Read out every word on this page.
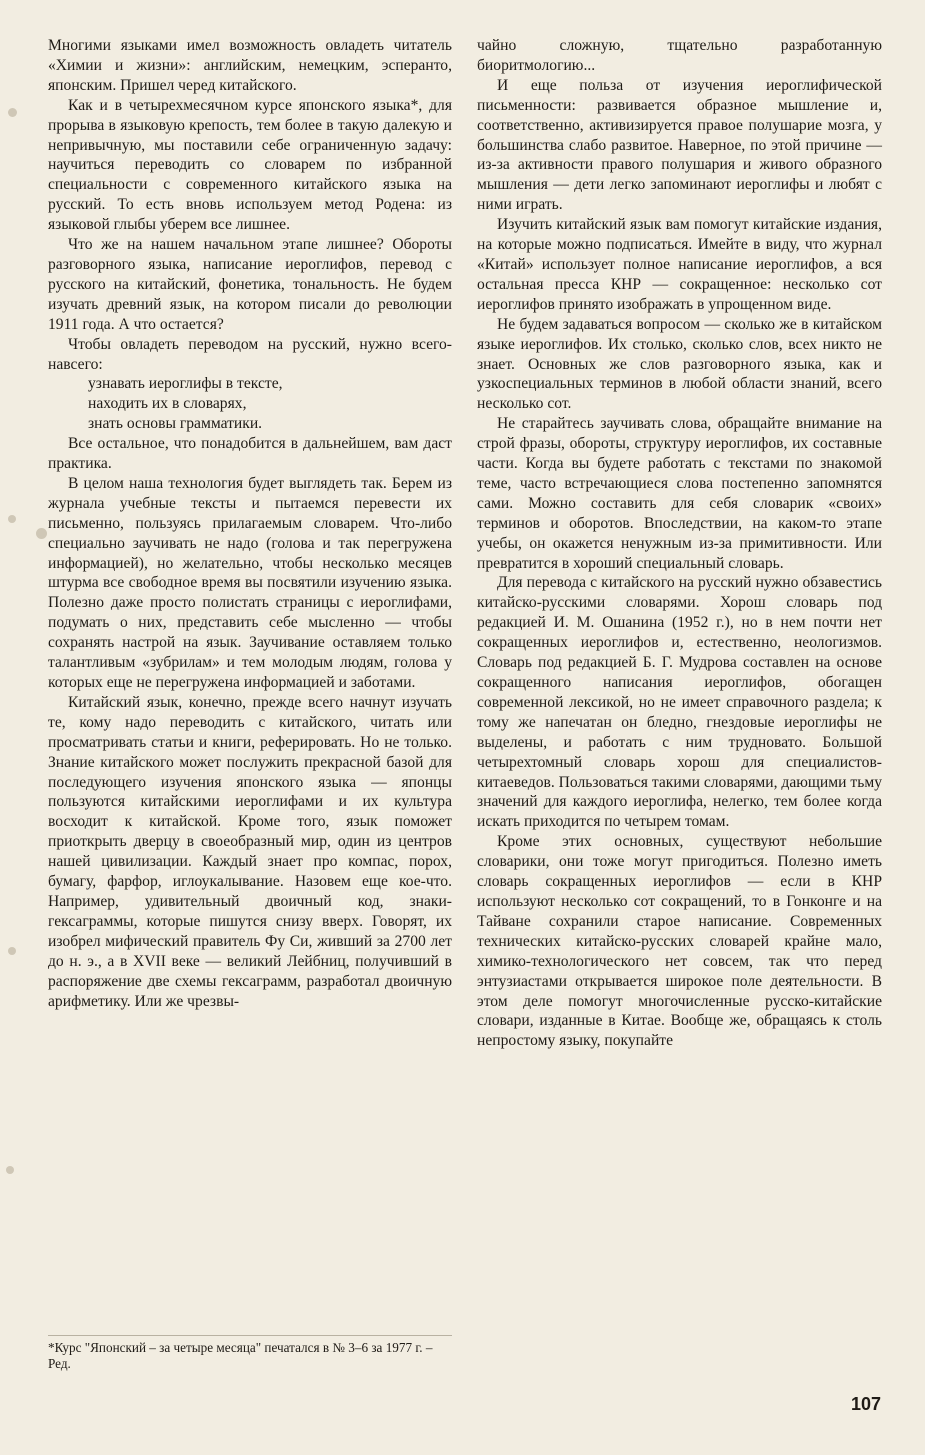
Многими языками имел возможность овладеть читатель «Химии и жизни»: английским, немецким, эсперанто, японским. Пришел черед китайского.

Как и в четырехмесячном курсе японского языка*, для прорыва в языковую крепость, тем более в такую далекую и непривычную, мы поставили себе ограниченную задачу: научиться переводить со словарем по избранной специальности с современного китайского языка на русский. То есть вновь используем метод Родена: из языковой глыбы уберем все лишнее.

Что же на нашем начальном этапе лишнее? Обороты разговорного языка, написание иероглифов, перевод с русского на китайский, фонетика, тональность. Не будем изучать древний язык, на котором писали до революции 1911 года. А что остается?

Чтобы овладеть переводом на русский, нужно всего-навсего:

узнавать иероглифы в тексте,

находить их в словарях,

знать основы грамматики.

Все остальное, что понадобится в дальнейшем, вам даст практика.

В целом наша технология будет выглядеть так. Берем из журнала учебные тексты и пытаемся перевести их письменно, пользуясь прилагаемым словарем. Что-либо специально заучивать не надо (голова и так перегружена информацией), но желательно, чтобы несколько месяцев штурма все свободное время вы посвятили изучению языка. Полезно даже просто полистать страницы с иероглифами, подумать о них, представить себе мысленно — чтобы сохранять настрой на язык. Заучивание оставляем только талантливым «зубрилам» и тем молодым людям, голова у которых еще не перегружена информацией и заботами.

Китайский язык, конечно, прежде всего начнут изучать те, кому надо переводить с китайского, читать или просматривать статьи и книги, реферировать. Но не только. Знание китайского может послужить прекрасной базой для последующего изучения японского языка — японцы пользуются китайскими иероглифами и их культура восходит к китайской. Кроме того, язык поможет приоткрыть дверцу в своеобразный мир, один из центров нашей цивилизации. Каждый знает про компас, порох, бумагу, фарфор, иглоукалывание. Назовем еще кое-что. Например, удивительный двоичный код, знаки-гексаграммы, которые пишутся снизу вверх. Говорят, их изобрел мифический правитель Фу Си, живший за 2700 лет до н. э., а в XVII веке — великий Лейбниц, получивший в распоряжение две схемы гексаграмм, разработал двоичную арифметику. Или же чрезвы-

чайно сложную, тщательно разработанную биоритмологию...

И еще польза от изучения иероглифической письменности: развивается образное мышление и, соответственно, активизируется правое полушарие мозга, у большинства слабо развитое. Наверное, по этой причине — из-за активности правого полушария и живого образного мышления — дети легко запоминают иероглифы и любят с ними играть.

Изучить китайский язык вам помогут китайские издания, на которые можно подписаться. Имейте в виду, что журнал «Китай» использует полное написание иероглифов, а вся остальная пресса КНР — сокращенное: несколько сот иероглифов принято изображать в упрощенном виде.

Не будем задаваться вопросом — сколько же в китайском языке иероглифов. Их столько, сколько слов, всех никто не знает. Основных же слов разговорного языка, как и узкоспециальных терминов в любой области знаний, всего несколько сот.

Не старайтесь заучивать слова, обращайте внимание на строй фразы, обороты, структуру иероглифов, их составные части. Когда вы будете работать с текстами по знакомой теме, часто встречающиеся слова постепенно запомнятся сами. Можно составить для себя словарик «своих» терминов и оборотов. Впоследствии, на каком-то этапе учебы, он окажется ненужным из-за примитивности. Или превратится в хороший специальный словарь.

Для перевода с китайского на русский нужно обзавестись китайско-русскими словарями. Хорош словарь под редакцией И. М. Ошанина (1952 г.), но в нем почти нет сокращенных иероглифов и, естественно, неологизмов. Словарь под редакцией Б. Г. Мудрова составлен на основе сокращенного написания иероглифов, обогащен современной лексикой, но не имеет справочного раздела; к тому же напечатан он бледно, гнездовые иероглифы не выделены, и работать с ним трудновато. Большой четырехтомный словарь хорош для специалистов-китаеведов. Пользоваться такими словарями, дающими тьму значений для каждого иероглифа, нелегко, тем более когда искать приходится по четырем томам.

Кроме этих основных, существуют небольшие словарики, они тоже могут пригодиться. Полезно иметь словарь сокращенных иероглифов — если в КНР используют несколько сот сокращений, то в Гонконге и на Тайване сохранили старое написание. Современных технических китайско-русских словарей крайне мало, химико-технологического нет совсем, так что перед энтузиастами открывается широкое поле деятельности. В этом деле помогут многочисленные русско-китайские словари, изданные в Китае. Вообще же, обращаясь к столь непростому языку, покупайте

*Курс "Японский – за четыре месяца" печатался в № 3–6 за 1977 г. – Ред.
107
